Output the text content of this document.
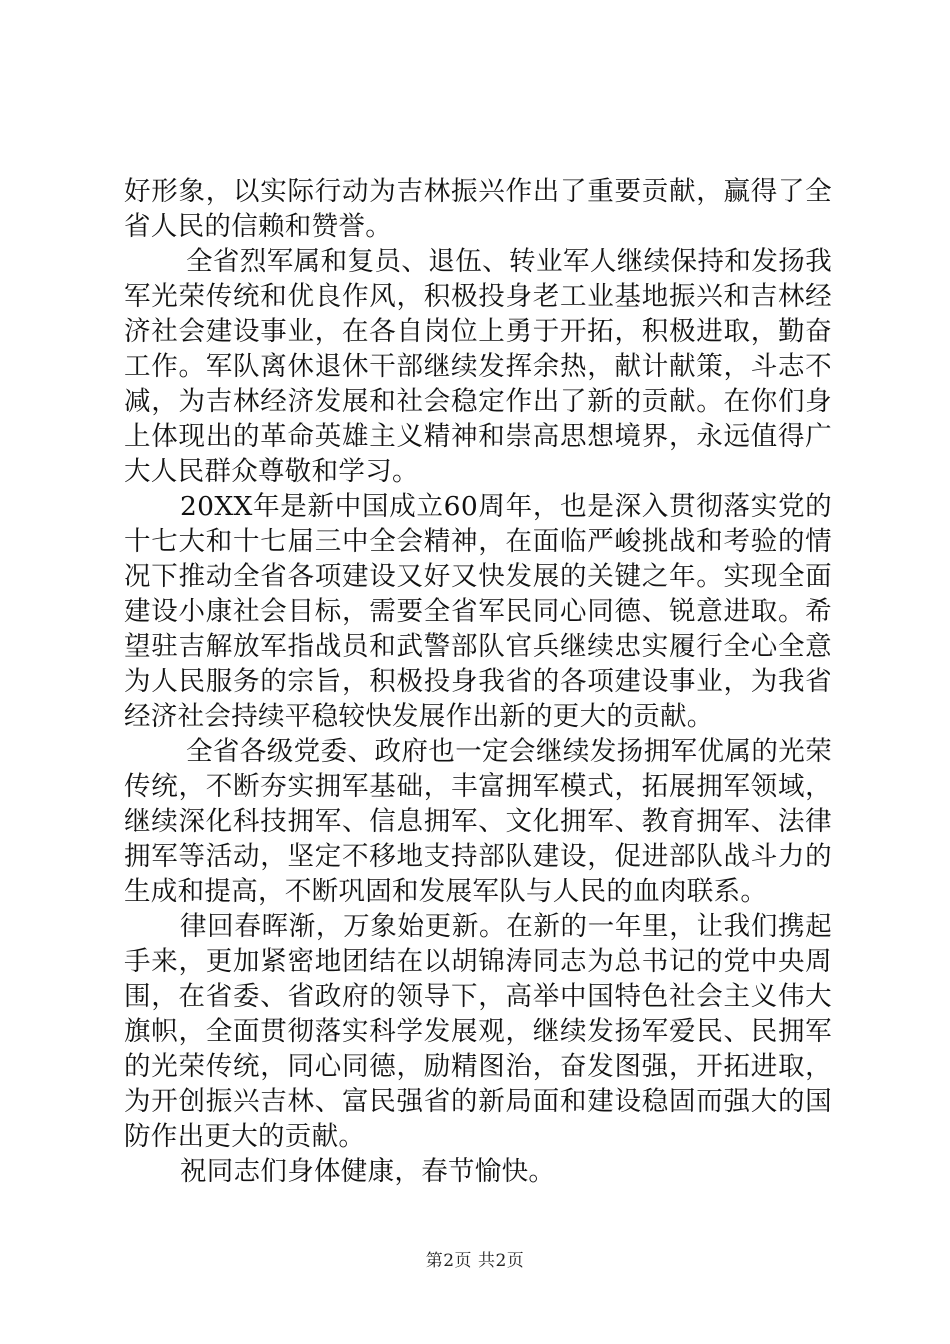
好形象，以实际行动为吉林振兴作出了重要贡献，赢得了全省人民的信赖和赞誉。

全省烈军属和复员、退伍、转业军人继续保持和发扬我军光荣传统和优良作风，积极投身老工业基地振兴和吉林经济社会建设事业，在各自岗位上勇于开拓，积极进取，勤奋工作。军队离休退休干部继续发挥余热，献计献策，斗志不减，为吉林经济发展和社会稳定作出了新的贡献。在你们身上体现出的革命英雄主义精神和崇高思想境界，永远值得广大人民群众尊敬和学习。

20XX年是新中国成立60周年，也是深入贯彻落实党的十七大和十七届三中全会精神，在面临严峻挑战和考验的情况下推动全省各项建设又好又快发展的关键之年。实现全面建设小康社会目标，需要全省军民同心同德、锐意进取。希望驻吉解放军指战员和武警部队官兵继续忠实履行全心全意为人民服务的宗旨，积极投身我省的各项建设事业，为我省经济社会持续平稳较快发展作出新的更大的贡献。

全省各级党委、政府也一定会继续发扬拥军优属的光荣传统，不断夯实拥军基础，丰富拥军模式，拓展拥军领域，继续深化科技拥军、信息拥军、文化拥军、教育拥军、法律拥军等活动，坚定不移地支持部队建设，促进部队战斗力的生成和提高，不断巩固和发展军队与人民的血肉联系。

律回春晖渐，万象始更新。在新的一年里，让我们携起手来，更加紧密地团结在以胡锦涛同志为总书记的党中央周围，在省委、省政府的领导下，高举中国特色社会主义伟大旗帜，全面贯彻落实科学发展观，继续发扬军爱民、民拥军的光荣传统，同心同德，励精图治，奋发图强，开拓进取，为开创振兴吉林、富民强省的新局面和建设稳固而强大的国防作出更大的贡献。

祝同志们身体健康，春节愉快。

第2页 共2页
